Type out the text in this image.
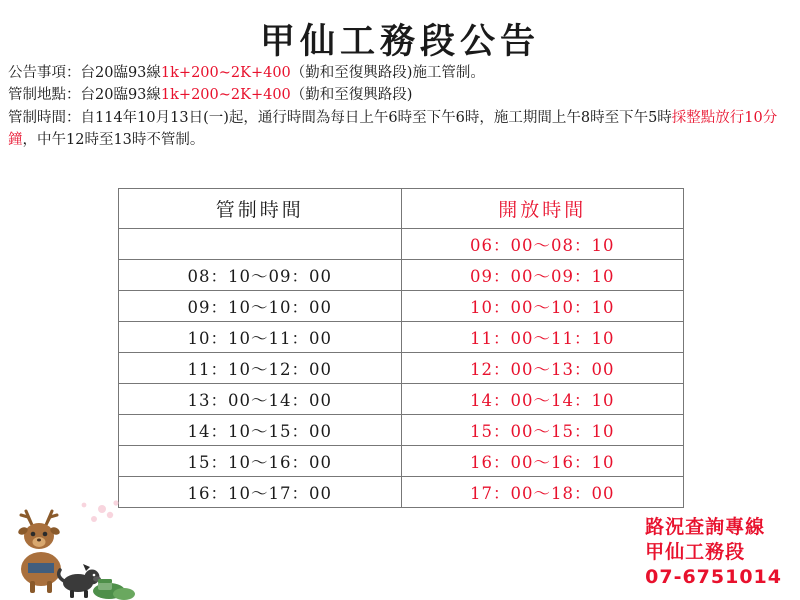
甲仙工務段公告
公告事項：台20臨93線1k+200~2K+400（勤和至復興路段)施工管制。
管制地點：台20臨93線1k+200~2K+400（勤和至復興路段)
管制時間：自114年10月13日(一)起，通行時間為每日上午6時至下午6時，施工期間上午8時至下午5時採整點放行10分鐘，中午12時至13時不管制。
管制時間	開放時間
	06：00～08：10
08：10～09：00	09：00～09：10
09：10～10：00	10：00～10：10
10：10～11：00	11：00～11：10
11：10～12：00	12：00～13：00
13：00～14：00	14：00～14：10
14：10～15：00	15：00～15：10
15：10～16：00	16：00～16：10
16：10～17：00	17：00～18：00
路況查詢專線
甲仙工務段
07-6751014
